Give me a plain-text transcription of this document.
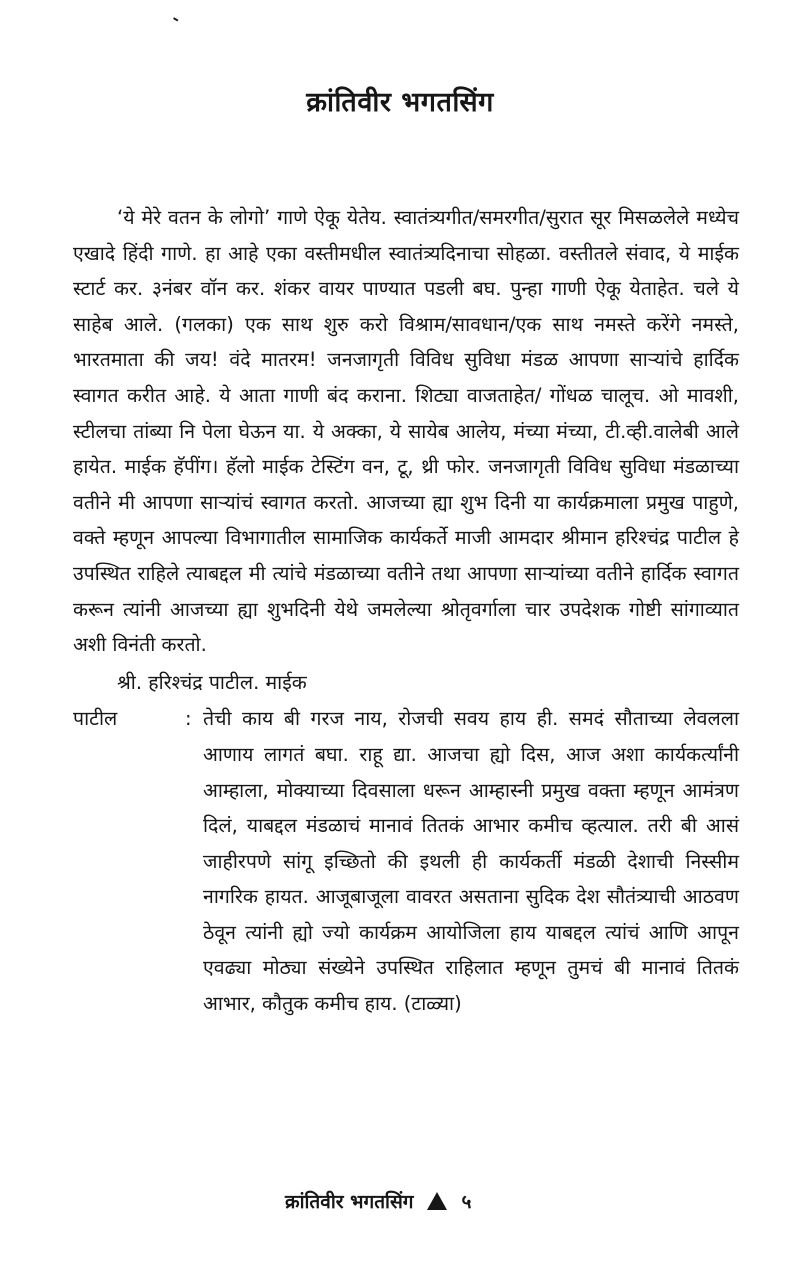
क्रांतिवीर भगतसिंग

‘ये मेरे वतन के लोगो’ गाणे ऐकू येतेय. स्वातंत्र्यगीत/समरगीत/सुरात सूर मिसळलेले मध्येच एखादे हिंदी गाणे. हा आहे एका वस्तीमधील स्वातंत्र्यदिनाचा सोहळा. वस्तीतले संवाद, ये माईक स्टार्ट कर. ३नंबर वॉन कर. शंकर वायर पाण्यात पडली बघ. पुन्हा गाणी ऐकू येताहेत. चले ये साहेब आले. (गलका) एक साथ शुरु करो विश्राम/सावधान/एक साथ नमस्ते करेंगे नमस्ते, भारतमाता की जय! वंदे मातरम! जनजागृती विविध सुविधा मंडळ आपणा साऱ्यांचे हार्दिक स्वागत करीत आहे. ये आता गाणी बंद कराना. शिट्या वाजताहेत/ गोंधळ चालूच. ओ मावशी, स्टीलचा तांब्या नि पेला घेऊन या. ये अक्का, ये सायेब आलेय, मंच्या मंच्या, टी.व्ही.वालेबी आले हायेत. माईक हॅपींग। हॅलो माईक टेस्टिंग वन, टू, थ्री फोर. जनजागृती विविध सुविधा मंडळाच्या वतीने मी आपणा साऱ्यांचं स्वागत करतो. आजच्या ह्या शुभ दिनी या कार्यक्रमाला प्रमुख पाहुणे, वक्ते म्हणून आपल्या विभागातील सामाजिक कार्यकर्ते माजी आमदार श्रीमान हरिश्चंद्र पाटील हे उपस्थित राहिले त्याबद्दल मी त्यांचे मंडळाच्या वतीने तथा आपणा साऱ्यांच्या वतीने हार्दिक स्वागत करून त्यांनी आजच्या ह्या शुभदिनी येथे जमलेल्या श्रोतृवर्गाला चार उपदेशक गोष्टी सांगाव्यात अशी विनंती करतो.

श्री. हरिश्चंद्र पाटील. माईक
पाटील	: तेची काय बी गरज नाय, रोजची सवय हाय ही. समदं सौताच्या लेवलला आणाय लागतं बघा. राहू द्या. आजचा ह्यो दिस, आज अशा कार्यकर्त्यांनी आम्हाला, मोक्याच्या दिवसाला धरून आम्हास्नी प्रमुख वक्ता म्हणून आमंत्रण दिलं, याबद्दल मंडळाचं मानावं तितकं आभार कमीच व्हत्याल. तरी बी आसं जाहीरपणे सांगू इच्छितो की इथली ही कार्यकर्ती मंडळी देशाची निस्सीम नागरिक हायत. आजूबाजूला वावरत असताना सुदिक देश सौतंत्र्याची आठवण ठेवून त्यांनी ह्यो ज्यो कार्यक्रम आयोजिला हाय याबद्दल त्यांचं आणि आपून एवढ्या मोठ्या संख्येने उपस्थित राहिलात म्हणून तुमचं बी मानावं तितकं आभार, कौतुक कमीच हाय. (टाळ्या)
क्रांतिवीर भगतसिंग	५
